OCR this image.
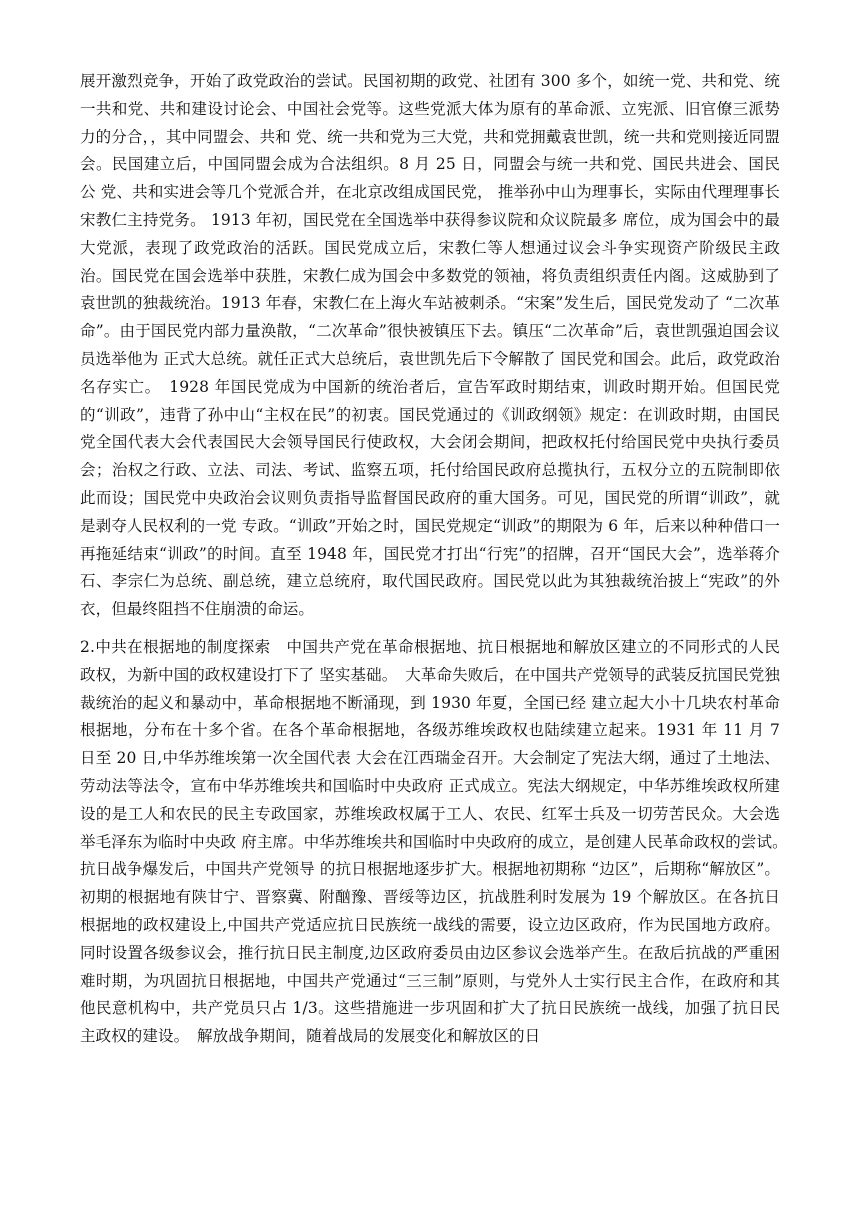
展开激烈竞争，开始了政党政治的尝试。民国初期的政党、社团有 300 多个，如统一党、共和党、统一共和党、共和建设讨论会、中国社会党等。这些党派大体为原有的革命派、立宪派、旧官僚三派势力的分合，，其中同盟会、共和 党、统一共和党为三大党，共和党拥戴袁世凯，统一共和党则接近同盟会。民国建立后，中国同盟会成为合法组织。8 月 25 日，同盟会与统一共和党、国民共进会、国民公 党、共和实进会等几个党派合并，在北京改组成国民党， 推举孙中山为理事长，实际由代理理事长宋教仁主持党务。 1913 年初，国民党在全国选举中获得参议院和众议院最多 席位，成为国会中的最大党派，表现了政党政治的活跃。国民党成立后，宋教仁等人想通过议会斗争实现资产阶级民主政治。国民党在国会选举中获胜，宋教仁成为国会中多数党的领袖，将负责组织责任内阁。这威胁到了袁世凯的独裁统治。1913 年春，宋教仁在上海火车站被刺杀。“宋案”发生后，国民党发动了 “二次革 命”。由于国民党内部力量涣散，“二次革命”很快被镇压下去。镇压“二次革命”后，袁世凯强迫国会议员选举他为 正式大总统。就任正式大总统后，袁世凯先后下令解散了 国民党和国会。此后，政党政治名存实亡。　1928 年国民党成为中国新的统治者后，宣告军政时期结束，训政时期开始。但国民党的“训政”，违背了孙中山“主权在民”的初衷。国民党通过的《训政纲领》规定：在训政时期，由国民党全国代表大会代表国民大会领导国民行使政权，大会闭会期间，把政权托付给国民党中央执行委员会；治权之行政、立法、司法、考试、监察五项，托付给国民政府总揽执行，五权分立的五院制即依此而设；国民党中央政治会议则负责指导监督国民政府的重大国务。可见，国民党的所谓“训政”，就是剥夺人民权利的一党 专政。“训政”开始之时，国民党规定“训政”的期限为 6 年，后来以种种借口一再拖延结束“训政”的时间。直至 1948 年，国民党才打出“行宪”的招牌，召开“国民大会”，选举蒋介石、李宗仁为总统、副总统，建立总统府，取代国民政府。国民党以此为其独裁统治披上“宪政”的外衣，但最终阻挡不住崩溃的命运。

2.中共在根据地的制度探索　中国共产党在革命根据地、抗日根据地和解放区建立的不同形式的人民政权，为新中国的政权建设打下了 坚实基础。　大革命失败后，在中国共产党领导的武装反抗国民党独裁统治的起义和暴动中，革命根据地不断涌现，到 1930 年夏，全国已经 建立起大小十几块农村革命根据地，分布在十多个省。在各个革命根据地，各级苏维埃政权也陆续建立起来。1931 年 11 月 7 日至 20 日,中华苏维埃第一次全国代表 大会在江西瑞金召开。大会制定了宪法大纲，通过了土地法、劳动法等法令，宣布中华苏维埃共和国临时中央政府 正式成立。宪法大纲规定，中华苏维埃政权所建设的是工人和农民的民主专政国家，苏维埃政权属于工人、农民、红军士兵及一切劳苦民众。大会选举毛泽东为临时中央政 府主席。中华苏维埃共和国临时中央政府的成立，是创建人民革命政权的尝试。　抗日战争爆发后，中国共产党领导 的抗日根据地逐步扩大。根据地初期称 “边区”，后期称“解放区”。初期的根据地有陕甘宁、晋察冀、附酗豫、晋绥等边区，抗战胜利时发展为 19 个解放区。在各抗日根据地的政权建设上,中国共产党适应抗日民族统一战线的需要，设立边区政府，作为民国地方政府。同时设置各级参议会，推行抗日民主制度,边区政府委员由边区参议会选举产生。在敌后抗战的严重困难时期，为巩固抗日根据地，中国共产党通过“三三制”原则，与党外人士实行民主合作，在政府和其他民意机构中，共产党员只占 1/3。这些措施进一步巩固和扩大了抗日民族统一战线，加强了抗日民主政权的建设。　解放战争期间，随着战局的发展变化和解放区的日
